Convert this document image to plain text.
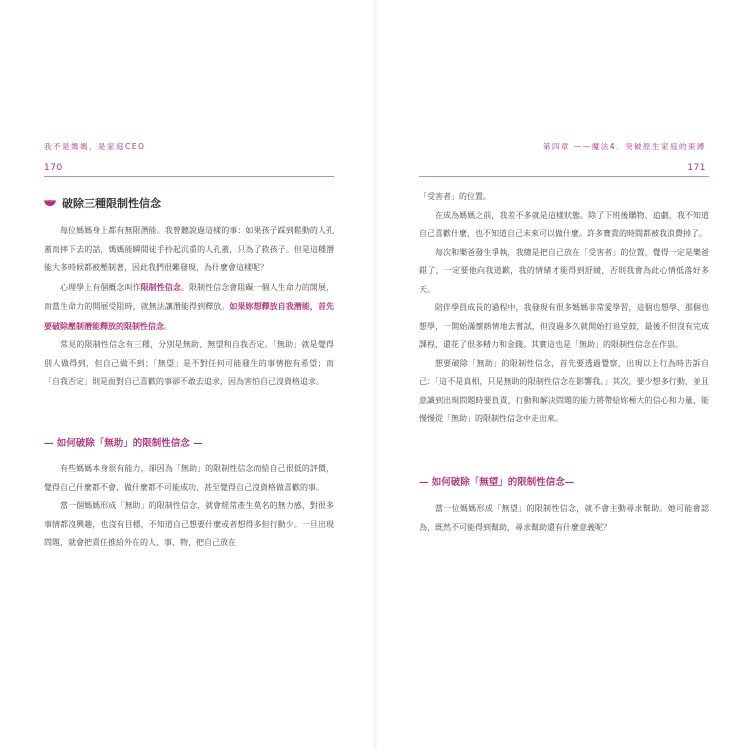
我不是媽媽，是家庭CEO
170
破除三種限制性信念

每位媽媽身上都有無限潛能。我曾聽說過這樣的事：如果孩子踩到鬆動的人孔蓋而摔下去的話，媽媽能瞬間徒手拎起沉重的人孔蓋，只為了救孩子。但是這種潛能大多時候都被壓制著，因此我們很難發現，為什麼會這樣呢？

心理學上有個概念叫作限制性信念。限制性信念會阻礙一個人生命力的開展，而當生命力的開展受阻時，就無法讓潛能得到釋放。如果妳想釋放自我潛能，首先要破除壓制潛能釋放的限制性信念。

常見的限制性信念有三種，分別是無助、無望和自我否定。「無助」就是覺得別人做得到，但自己做不到；「無望」是不對任何可能發生的事情抱有希望；而「自我否定」則是面對自己喜歡的事卻不敢去追求，因為害怕自己沒資格追求。

— 如何破除「無助」的限制性信念 —

有些媽媽本身很有能力，卻因為「無助」的限制性信念而給自己很低的評價，覺得自己什麼都不會，做什麼都不可能成功，甚至覺得自己沒資格做喜歡的事。

當一個媽媽形成「無助」的限制性信念，就會經常產生莫名的無力感，對很多事情都沒興趣，也沒有目標，不知道自己想要什麼或者想得多但行動少。一旦出現問題，就會把責任推給外在的人、事、物，把自己放在

第四章 ——魔法4．突破原生家庭的束縛
171

「受害者」的位置。

在成為媽媽之前，我差不多就是這樣狀態。除了下班後購物、追劇，我不知道自己喜歡什麼，也不知道自己未來可以做什麼。許多寶貴的時間都被我浪費掉了。

每次和樂爸發生爭執，我總是把自己放在「受害者」的位置，覺得一定是樂爸錯了，一定要他向我道歉，我的情緒才能得到舒緩，否則我會為此心情低落好多天。

陪伴學員成長的過程中，我發現有很多媽媽非常愛學習，這個也想學、那個也想學，一開始滿懷熱情地去嘗試，但沒過多久就開始打退堂鼓，最後不但沒有完成課程，還花了很多精力和金錢。其實這也是「無助」的限制性信念在作祟。

想要破除「無助」的限制性信念，首先要透過覺察，出現以上行為時告訴自己：「這不是真相，只是無助的限制性信念在影響我。」其次，要少想多行動，並且意識到出現問題時要負責，行動和解決問題的能力將帶給妳極大的信心和力量，能慢慢從「無助」的限制性信念中走出來。

— 如何破除「無望」的限制性信念—

當一位媽媽形成「無望」的限制性信念，就不會主動尋求幫助。她可能會認為，既然不可能得到幫助，尋求幫助還有什麼意義呢？
